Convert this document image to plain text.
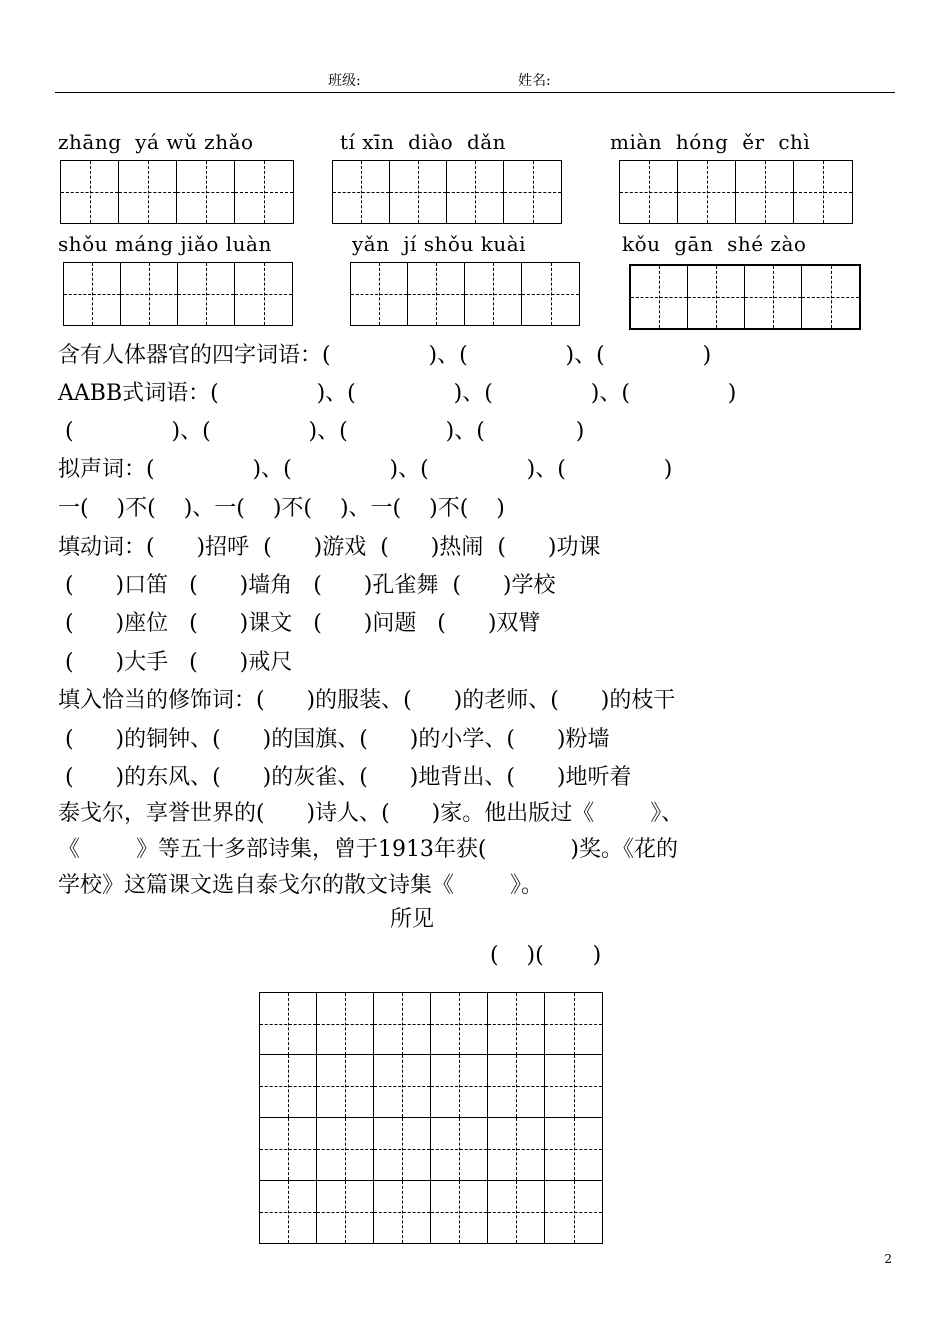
班级:	姓名:
zhāng  yá wǔ zhǎo	tí xīn  diào  dǎn	miàn  hóng  ěr  chì
shǒu máng jiǎo luàn	yǎn  jí shǒu kuài	kǒu  gān  shé zào
含有人体器官的四字词语：(              )、(              )、(              )
AABB式词语：(              )、(              )、(              )、(              )
(              )、(              )、(              )、(             )
拟声词：(              )、(              )、(              )、(              )
一(    )不(    )、一(    )不(    )、一(    )不(    )
填动词：(      )招呼  (      )游戏  (      )热闹  (      )功课
(      )口笛   (      )墙角   (      )孔雀舞  (      )学校
(      )座位   (      )课文   (      )问题   (      )双臂
(      )大手   (      )戒尺
填入恰当的修饰词：(      )的服装、(      )的老师、(      )的枝干
(      )的铜钟、(      )的国旗、(      )的小学、(      )粉墙
(      )的东风、(      )的灰雀、(      )地背出、(      )地听着
泰戈尔，享誉世界的(      )诗人、(      )家。他出版过《        》、
《        》等五十多部诗集，曾于1913年获(            )奖。《花的
学校》这篇课文选自泰戈尔的散文诗集《        》。
所见
(    )(       )
2
